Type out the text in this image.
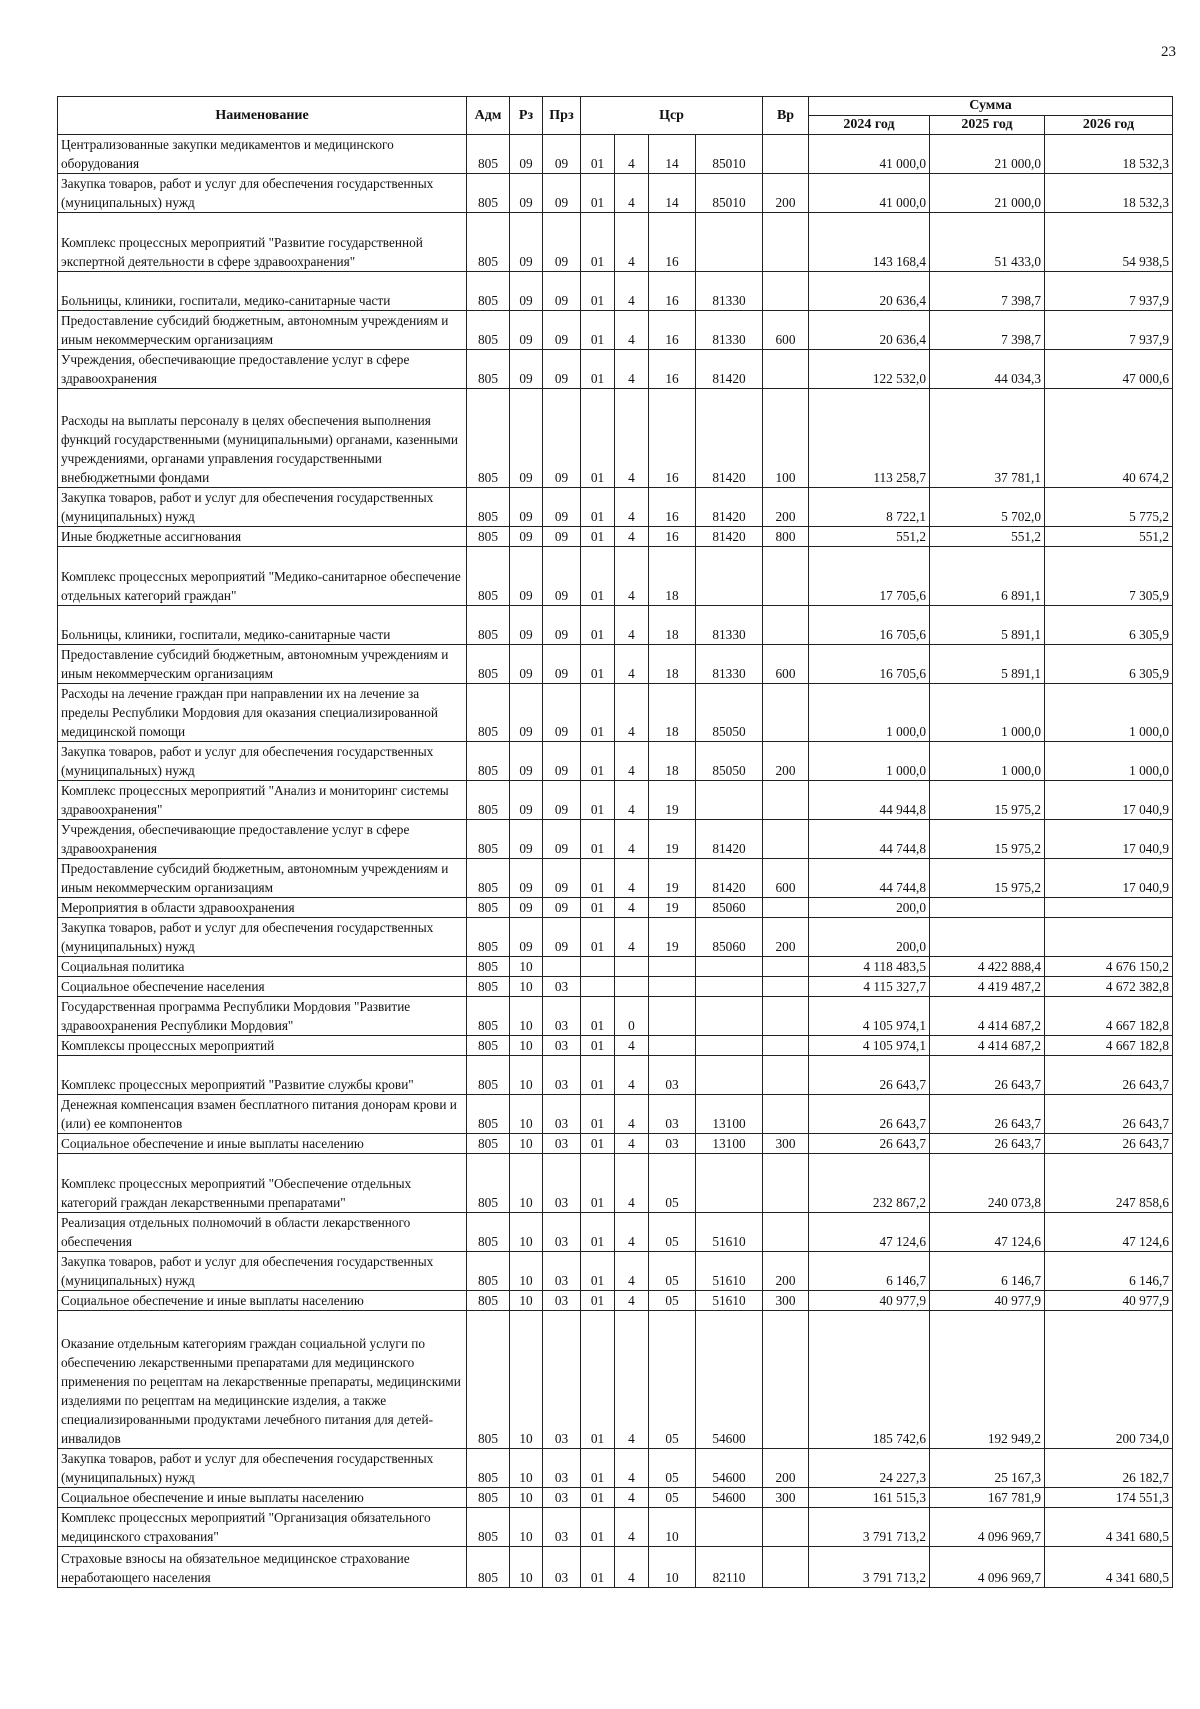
23
Наименование	Адм	Рз	Прз	Цср				Вр	Сумма		
									2024 год	2025 год	2026 год
Централизованные закупки медикаментов и медицинского оборудования	805	09	09	01	4	14	85010		41 000,0	21 000,0	18 532,3
Закупка товаров, работ и услуг для обеспечения государственных (муниципальных) нужд	805	09	09	01	4	14	85010	200	41 000,0	21 000,0	18 532,3
Комплекс процессных мероприятий "Развитие государственной экспертной деятельности в сфере здравоохранения"	805	09	09	01	4	16			143 168,4	51 433,0	54 938,5
Больницы, клиники, госпитали, медико-санитарные части	805	09	09	01	4	16	81330		20 636,4	7 398,7	7 937,9
Предоставление субсидий бюджетным, автономным учреждениям и иным некоммерческим организациям	805	09	09	01	4	16	81330	600	20 636,4	7 398,7	7 937,9
Учреждения, обеспечивающие предоставление услуг в сфере здравоохранения	805	09	09	01	4	16	81420		122 532,0	44 034,3	47 000,6
Расходы на выплаты персоналу в целях обеспечения выполнения функций государственными (муниципальными) органами, казенными учреждениями, органами управления государственными внебюджетными фондами	805	09	09	01	4	16	81420	100	113 258,7	37 781,1	40 674,2
Закупка товаров, работ и услуг для обеспечения государственных (муниципальных) нужд	805	09	09	01	4	16	81420	200	8 722,1	5 702,0	5 775,2
Иные бюджетные ассигнования	805	09	09	01	4	16	81420	800	551,2	551,2	551,2
Комплекс процессных мероприятий "Медико-санитарное обеспечение отдельных категорий граждан"	805	09	09	01	4	18			17 705,6	6 891,1	7 305,9
Больницы, клиники, госпитали, медико-санитарные части	805	09	09	01	4	18	81330		16 705,6	5 891,1	6 305,9
Предоставление субсидий бюджетным, автономным учреждениям и иным некоммерческим организациям	805	09	09	01	4	18	81330	600	16 705,6	5 891,1	6 305,9
Расходы на лечение граждан при направлении их на лечение за пределы Республики Мордовия для оказания специализированной медицинской помощи	805	09	09	01	4	18	85050		1 000,0	1 000,0	1 000,0
Закупка товаров, работ и услуг для обеспечения государственных (муниципальных) нужд	805	09	09	01	4	18	85050	200	1 000,0	1 000,0	1 000,0
Комплекс процессных мероприятий "Анализ и мониторинг системы здравоохранения"	805	09	09	01	4	19			44 944,8	15 975,2	17 040,9
Учреждения, обеспечивающие предоставление услуг в сфере здравоохранения	805	09	09	01	4	19	81420		44 744,8	15 975,2	17 040,9
Предоставление субсидий бюджетным, автономным учреждениям и иным некоммерческим организациям	805	09	09	01	4	19	81420	600	44 744,8	15 975,2	17 040,9
Мероприятия в области здравоохранения	805	09	09	01	4	19	85060		200,0		
Закупка товаров, работ и услуг для обеспечения государственных (муниципальных) нужд	805	09	09	01	4	19	85060	200	200,0		
Социальная политика	805	10							4 118 483,5	4 422 888,4	4 676 150,2
Социальное обеспечение населения	805	10	03						4 115 327,7	4 419 487,2	4 672 382,8
Государственная программа Республики Мордовия "Развитие здравоохранения Республики Мордовия"	805	10	03	01	0				4 105 974,1	4 414 687,2	4 667 182,8
Комплексы процессных мероприятий	805	10	03	01	4				4 105 974,1	4 414 687,2	4 667 182,8
Комплекс процессных мероприятий "Развитие службы крови"	805	10	03	01	4	03			26 643,7	26 643,7	26 643,7
Денежная компенсация взамен бесплатного питания донорам крови и (или) ее компонентов	805	10	03	01	4	03	13100		26 643,7	26 643,7	26 643,7
Социальное обеспечение и иные выплаты населению	805	10	03	01	4	03	13100	300	26 643,7	26 643,7	26 643,7
Комплекс процессных мероприятий "Обеспечение отдельных категорий граждан лекарственными препаратами"	805	10	03	01	4	05			232 867,2	240 073,8	247 858,6
Реализация отдельных полномочий в области лекарственного обеспечения	805	10	03	01	4	05	51610		47 124,6	47 124,6	47 124,6
Закупка товаров, работ и услуг для обеспечения государственных (муниципальных) нужд	805	10	03	01	4	05	51610	200	6 146,7	6 146,7	6 146,7
Социальное обеспечение и иные выплаты населению	805	10	03	01	4	05	51610	300	40 977,9	40 977,9	40 977,9
Оказание отдельным категориям граждан социальной услуги по обеспечению лекарственными препаратами для медицинского применения по рецептам на лекарственные препараты, медицинскими изделиями по рецептам на медицинские изделия, а также специализированными продуктами лечебного питания для детей-инвалидов	805	10	03	01	4	05	54600		185 742,6	192 949,2	200 734,0
Закупка товаров, работ и услуг для обеспечения государственных (муниципальных) нужд	805	10	03	01	4	05	54600	200	24 227,3	25 167,3	26 182,7
Социальное обеспечение и иные выплаты населению	805	10	03	01	4	05	54600	300	161 515,3	167 781,9	174 551,3
Комплекс процессных мероприятий "Организация обязательного медицинского страхования"	805	10	03	01	4	10			3 791 713,2	4 096 969,7	4 341 680,5
Страховые взносы на обязательное медицинское страхование неработающего населения	805	10	03	01	4	10	82110		3 791 713,2	4 096 969,7	4 341 680,5
